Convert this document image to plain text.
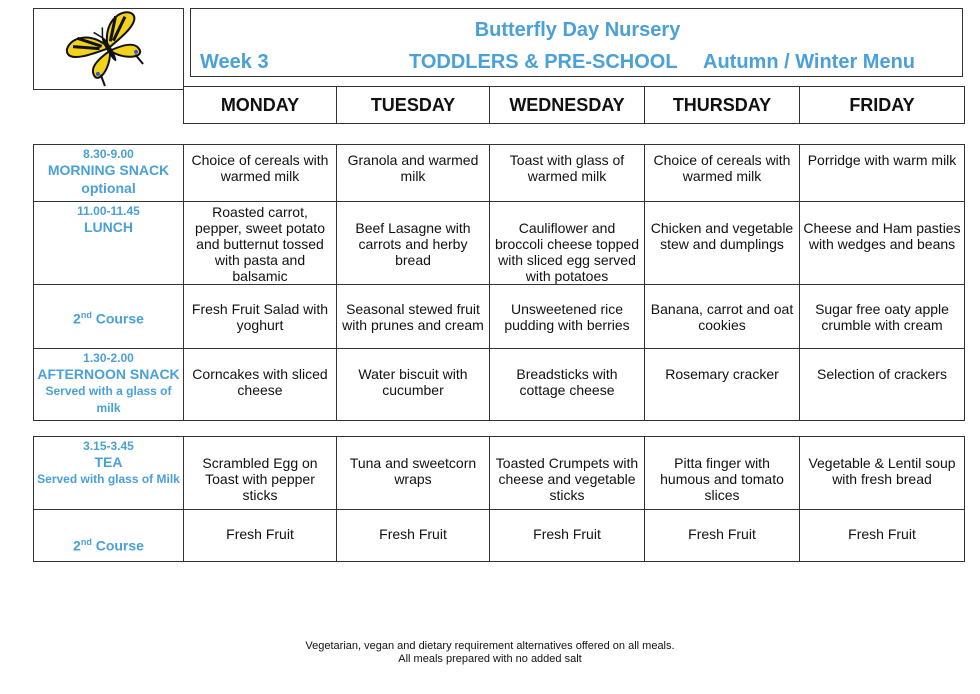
Butterfly Day Nursery
Week 3	TODDLERS & PRE-SCHOOL Autumn / Winter Menu
MONDAY	TUESDAY	WEDNESDAY	THURSDAY	FRIDAY
8.30-9.00
MORNING SNACK
optional	Choice of cereals with warmed milk	Granola and warmed milk	Toast with glass of warmed milk	Choice of cereals with warmed milk	Porridge with warm milk

11.00-11.45
LUNCH	Roasted carrot, pepper, sweet potato and butternut tossed with pasta and balsamic	Beef Lasagne with carrots and herby bread	Cauliflower and broccoli cheese topped with sliced egg served with potatoes	Chicken and vegetable stew and dumplings	Cheese and Ham pasties with wedges and beans

2nd Course	Fresh Fruit Salad with yoghurt	Seasonal stewed fruit with prunes and cream	Unsweetened rice pudding with berries	Banana, carrot and oat cookies	Sugar free oaty apple crumble with cream

1.30-2.00
AFTERNOON SNACK
Served with a glass of milk	Corncakes with sliced cheese	Water biscuit with cucumber	Breadsticks with cottage cheese	Rosemary cracker	Selection of crackers
3.15-3.45
TEA
Served with glass of Milk	Scrambled Egg on Toast with pepper sticks	Tuna and sweetcorn wraps	Toasted Crumpets with cheese and vegetable sticks	Pitta finger with humous and tomato slices	Vegetable & Lentil soup with fresh bread

2nd Course	Fresh Fruit	Fresh Fruit	Fresh Fruit	Fresh Fruit	Fresh Fruit
Vegetarian, vegan and dietary requirement alternatives offered on all meals.
All meals prepared with no added salt
